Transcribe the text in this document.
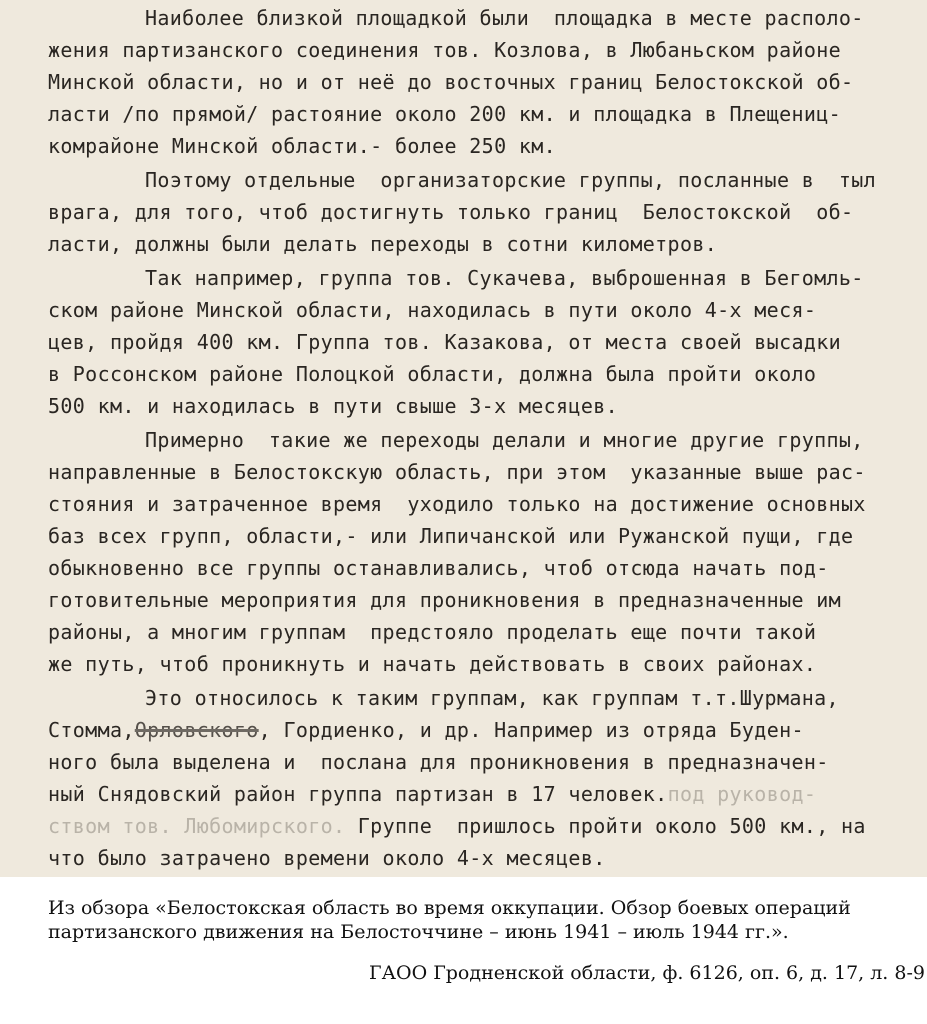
Наиболее близкой площадкой были  площадка в месте располо-
жения партизанского соединения тов. Козлова, в Любаньском районе
Минской области, но и от неё до восточных границ Белостокской об-
ласти /по прямой/ растояние около 200 км. и площадка в Плещениц-
комрайоне Минской области.- более 250 км.
Поэтому отдельные  организаторские группы, посланные в  тыл
врага, для того, чтоб достигнуть только границ  Белостокской  об-
ласти, должны были делать переходы в сотни километров.
Так например, группа тов. Сукачева, выброшенная в Бегомль-
ском районе Минской области, находилась в пути около 4-х меся-
цев, пройдя 400 км. Группа тов. Казакова, от места своей высадки
в Россонском районе Полоцкой области, должна была пройти около
500 км. и находилась в пути свыше 3-х месяцев.
Примерно  такие же переходы делали и многие другие группы,
направленные в Белостокскую область, при этом  указанные выше рас-
стояния и затраченное время  уходило только на достижение основных
баз всех групп, области,- или Липичанской или Ружанской пущи, где
обыкновенно все группы останавливались, чтоб отсюда начать под-
готовительные мероприятия для проникновения в предназначенные им
районы, а многим группам  предстояло проделать еще почти такой
же путь, чтоб проникнуть и начать действовать в своих районах.
Это относилось к таким группам, как группам т.т.Шурмана,
Стомма,Орловского, Гордиенко, и др. Например из отряда Буден-
ного была выделена и  послана для проникновения в предназначен-
ный Снядовский район группа партизан в 17 человек.под руковод-
ством тов. Любомирского. Группе  пришлось пройти около 500 км., на
что было затрачено времени около 4-х месяцев.

Из обзора «Белостокская область во время оккупации. Обзор боевых операций партизанского движения на Белосточчине – июнь 1941 – июль 1944 гг.».

ГАОО Гродненской области, ф. 6126, оп. 6, д. 17, л. 8-9
